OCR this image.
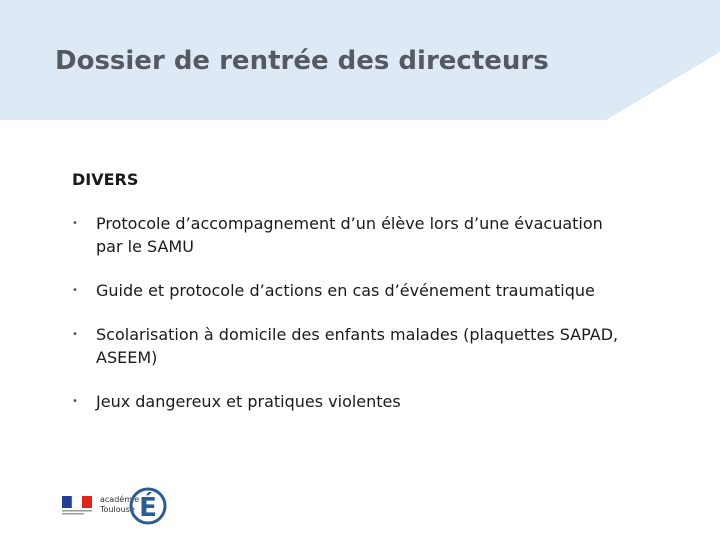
Dossier de rentrée des directeurs
DIVERS
• Protocole d’accompagnement d’un élève lors d’une évacuation par le SAMU
• Guide et protocole d’actions en cas d’événement traumatique
• Scolarisation à domicile des enfants malades (plaquettes SAPAD, ASEEM)
• Jeux dangereux et pratiques violentes
académie
Toulouse É
